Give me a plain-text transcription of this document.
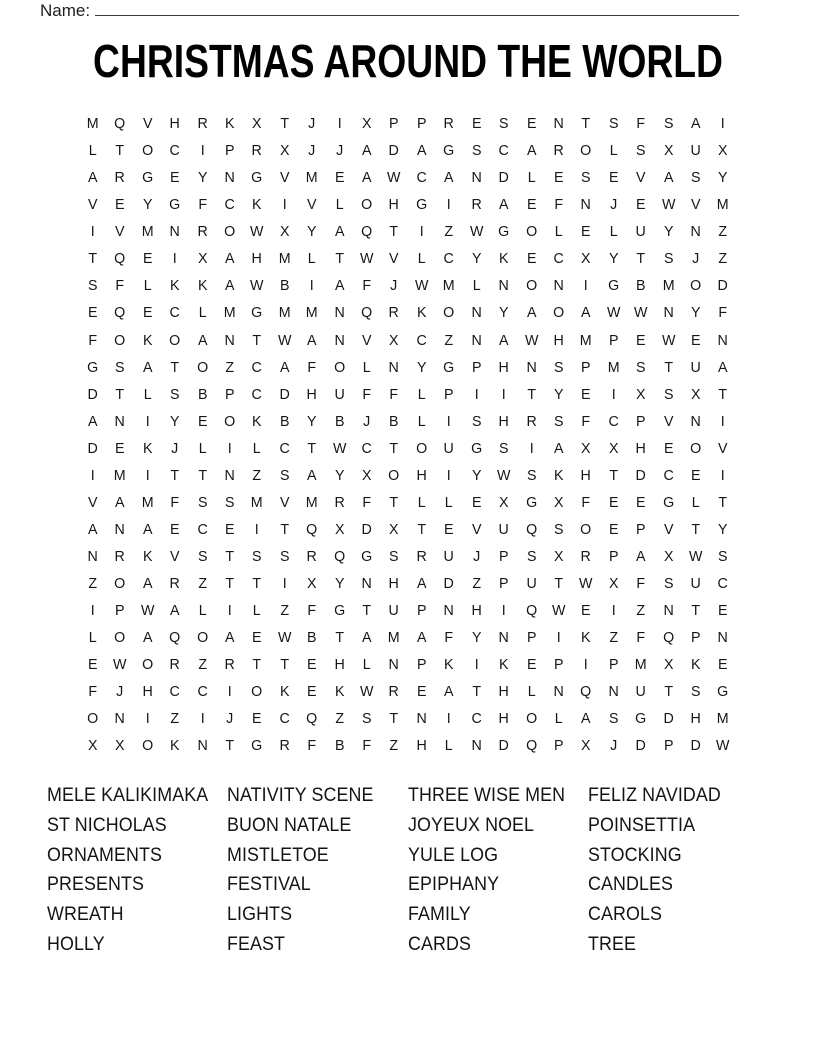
Name:
CHRISTMAS AROUND THE WORLD
M	Q	V	H	R	K	X	T	J	I	X	P	P	R	E	S	E	N	T	S	F	S	A	I
L	T	O	C	I	P	R	X	J	J	A	D	A	G	S	C	A	R	O	L	S	X	U	X
A	R	G	E	Y	N	G	V	M	E	A	W	C	A	N	D	L	E	S	E	V	A	S	Y
V	E	Y	G	F	C	K	I	V	L	O	H	G	I	R	A	E	F	N	J	E	W	V	M
I	V	M	N	R	O	W	X	Y	A	Q	T	I	Z	W	G	O	L	E	L	U	Y	N	Z
T	Q	E	I	X	A	H	M	L	T	W	V	L	C	Y	K	E	C	X	Y	T	S	J	Z
S	F	L	K	K	A	W	B	I	A	F	J	W M	L	N	O	N	I	G	B	M	O	D
E	Q	E	C	L	M	G	M	M	N	Q	R	K	O	N	Y	A	O	A	W W	N	Y	F
F	O	K	O	A	N	T	W	A	N	V	X	C	Z	N	A	W	H	M	P	E	W	E	N
G	S	A	T	O	Z	C	A	F	O	L	N	Y	G	P	H	N	S	P	M	S	T	U	A
D	T	L	S	B	P	C	D	H	U	F	F	L	P	I	I	T	Y	E	I	X	S	X	T
A	N	I	Y	E	O	K	B	Y	B	J	B	L	I	S	H	R	S	F	C	P	V	N	I
D	E	K	J	L	I	L	C	T	W	C	T	O	U	G	S	I	A	X	X	H	E	O	V
I	M	I	T	T	N	Z	S	A	Y	X	O	H	I	Y	W	S	K	H	T	D	C	E	I
V	A	M	F	S	S	M	V	M	R	F	T	L	L	E	X	G	X	F	E	E	G	L	T
A	N	A	E	C	E	I	T	Q	X	D	X	T	E	V	U	Q	S	O	E	P	V	T	Y
N	R	K	V	S	T	S	S	R	Q	G	S	R	U	J	P	S	X	R	P	A	X	W	S
Z	O	A	R	Z	T	T	I	X	Y	N	H	A	D	Z	P	U	T	W	X	F	S	U	C
I	P	W	A	L	I	L	Z	F	G	T	U	P	N	H	I	Q	W	E	I	Z	N	T	E
L	O	A	Q	O	A	E	W	B	T	A	M	A	F	Y	N	P	I	K	Z	F	Q	P	N
E	W	O	R	Z	R	T	T	E	H	L	N	P	K	I	K	E	P	I	P	M	X	K	E
F	J	H	C	C	I	O	K	E	K	W	R	E	A	T	H	L	N	Q	N	U	T	S	G
O	N	I	Z	I	J	E	C	Q	Z	S	T	N	I	C	H	O	L	A	S	G	D	H	M
X	X	O	K	N	T	G	R	F	B	F	Z	H	L	N	D	Q	P	X	J	D	P	D	W
MELE KALIKIMAKA
ST NICHOLAS
ORNAMENTS
PRESENTS
WREATH
HOLLY
NATIVITY SCENE
BUON NATALE
MISTLETOE
FESTIVAL
LIGHTS
FEAST
THREE WISE MEN
JOYEUX NOEL
YULE LOG
EPIPHANY
FAMILY
CARDS
FELIZ NAVIDAD
POINSETTIA
STOCKING
CANDLES
CAROLS
TREE
